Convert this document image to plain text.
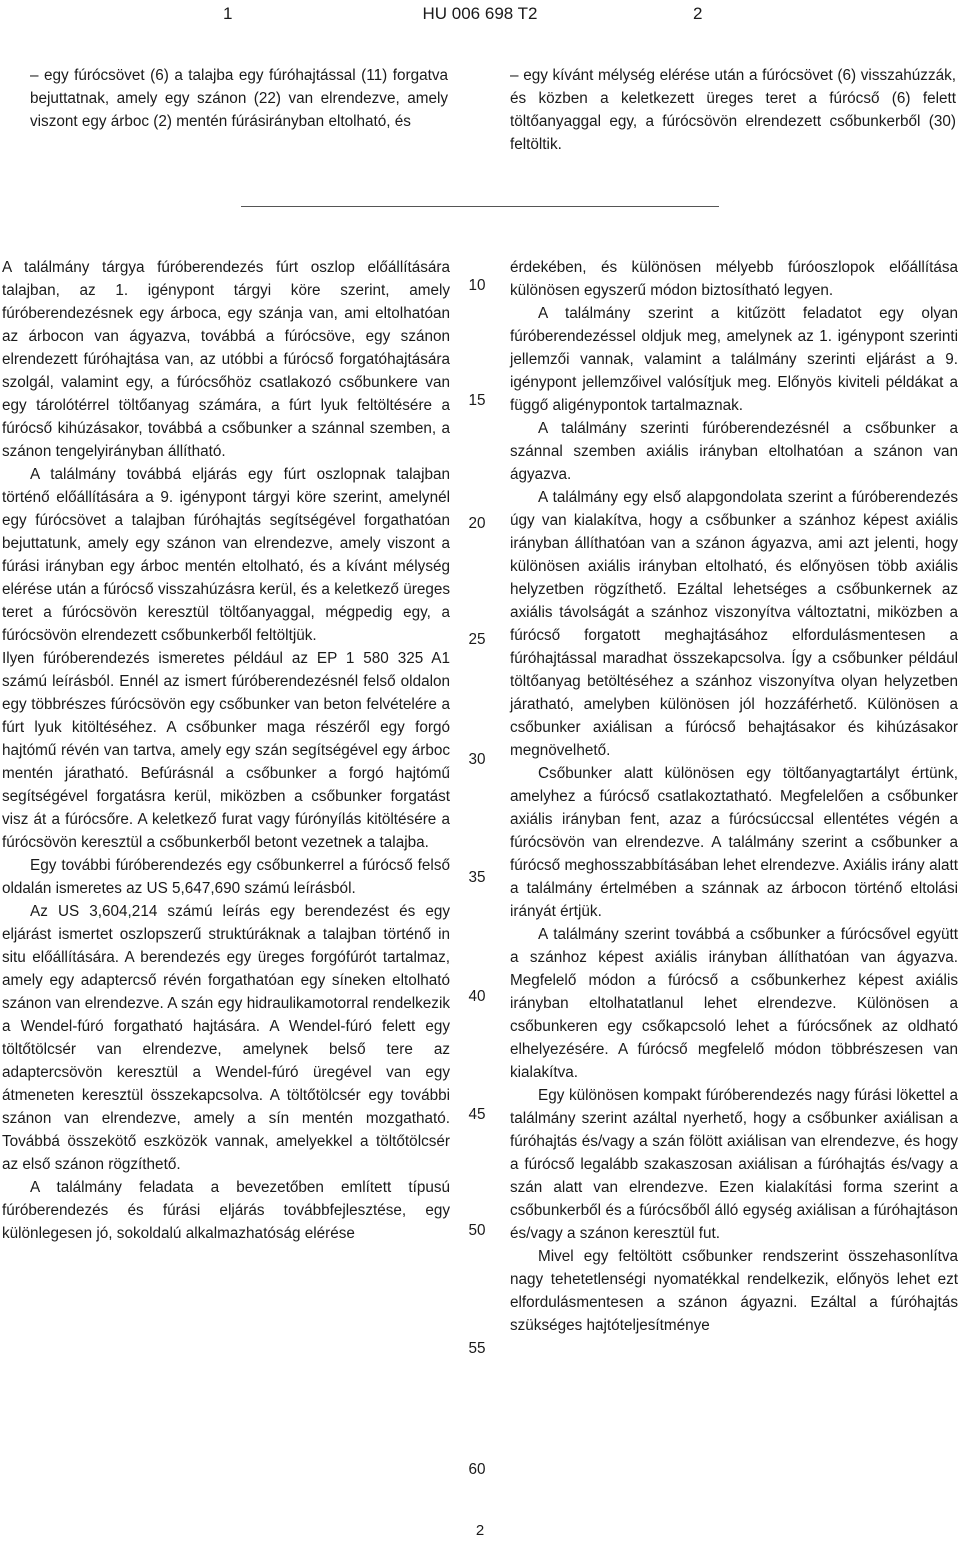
1	HU 006 698 T2	2

– egy fúrócsövet (6) a talajba egy fúróhajtással (11) forgatva bejuttatnak, amely egy szánon (22) van elrendezve, amely viszont egy árboc (2) mentén fúrásirányban eltolható, és

– egy kívánt mélység elérése után a fúrócsövet (6) visszahúzzák, és közben a keletkezett üreges teret a fúrócső (6) felett töltőanyaggal egy, a fúrócsövön elrendezett csőbunkerből (30) feltöltik.

A találmány tárgya fúróberendezés fúrt oszlop előállítására talajban, az 1. igénypont tárgyi köre szerint, amely fúróberendezésnek egy árboca, egy szánja van, ami eltolhatóan az árbocon van ágyazva, továbbá a fúrócsöve, egy szánon elrendezett fúróhajtása van, az utóbbi a fúrócső forgatóhajtására szolgál, valamint egy, a fúrócsőhöz csatlakozó csőbunkere van egy tárolótérrel töltőanyag számára, a fúrt lyuk feltöltésére a fúrócső kihúzásakor, továbbá a csőbunker a szánnal szemben, a szánon tengelyirányban állítható.

A találmány továbbá eljárás egy fúrt oszlopnak talajban történő előállítására a 9. igénypont tárgyi köre szerint, amelynél egy fúrócsövet a talajban fúróhajtás segítségével forgathatóan bejuttatunk, amely egy szánon van elrendezve, amely viszont a fúrási irányban egy árboc mentén eltolható, és a kívánt mélység elérése után a fúrócső visszahúzásra kerül, és a keletkező üreges teret a fúrócsövön keresztül töltőanyaggal, mégpedig egy, a fúrócsövön elrendezett csőbunkerből feltöltjük.

Ilyen fúróberendezés ismeretes például az EP 1 580 325 A1 számú leírásból. Ennél az ismert fúróberendezésnél felső oldalon egy többrészes fúrócsövön egy csőbunker van beton felvételére a fúrt lyuk kitöltéséhez. A csőbunker maga részéről egy forgó hajtómű révén van tartva, amely egy szán segítségével egy árboc mentén járatható. Befúrásnál a csőbunker a forgó hajtómű segítségével forgatásra kerül, miközben a csőbunker forgatást visz át a fúrócsőre. A keletkező furat vagy fúrónyílás kitöltésére a fúrócsövön keresztül a csőbunkerből betont vezetnek a talajba.

Egy további fúróberendezés egy csőbunkerrel a fúrócső felső oldalán ismeretes az US 5,647,690 számú leírásból.

Az US 3,604,214 számú leírás egy berendezést és egy eljárást ismertet oszlopszerű struktúráknak a talajban történő in situ előállítására. A berendezés egy üreges forgófúrót tartalmaz, amely egy adaptercső révén forgathatóan egy síneken eltolható szánon van elrendezve. A szán egy hidraulikamotorral rendelkezik a Wendel-fúró forgatható hajtására. A Wendel-fúró felett egy töltőtölcsér van elrendezve, amelynek belső tere az adaptercsövön keresztül a Wendel-fúró üregével van egy átmeneten keresztül összekapcsolva. A töltőtölcsér egy további szánon van elrendezve, amely a sín mentén mozgatható. Továbbá összekötő eszközök vannak, amelyekkel a töltőtölcsér az első szánon rögzíthető.

A találmány feladata a bevezetőben említett típusú fúróberendezés és fúrási eljárás továbbfejlesztése, egy különlegesen jó, sokoldalú alkalmazhatóság elérése

10
15
20
25
30
35
40
45
50
55
60

érdekében, és különösen mélyebb fúróoszlopok előállítása különösen egyszerű módon biztosítható legyen.

A találmány szerint a kitűzött feladatot egy olyan fúróberendezéssel oldjuk meg, amelynek az 1. igénypont szerinti jellemzői vannak, valamint a találmány szerinti eljárást a 9. igénypont jellemzőivel valósítjuk meg. Előnyös kiviteli példákat a függő aligénypontok tartalmaznak.

A találmány szerinti fúróberendezésnél a csőbunker a szánnal szemben axiális irányban eltolhatóan a szánon van ágyazva.

A találmány egy első alapgondolata szerint a fúróberendezés úgy van kialakítva, hogy a csőbunker a szánhoz képest axiális irányban állíthatóan van a szánon ágyazva, ami azt jelenti, hogy különösen axiális irányban eltolható, és előnyösen több axiális helyzetben rögzíthető. Ezáltal lehetséges a csőbunkernek az axiális távolságát a szánhoz viszonyítva változtatni, miközben a fúrócső forgatott meghajtásához elfordulásmentesen a fúróhajtással maradhat összekapcsolva. Így a csőbunker például töltőanyag betöltéséhez a szánhoz viszonyítva olyan helyzetben járatható, amelyben különösen jól hozzáférhető. Különösen a csőbunker axiálisan a fúrócső behajtásakor és kihúzásakor megnövelhető.

Csőbunker alatt különösen egy töltőanyagtartályt értünk, amelyhez a fúrócső csatlakoztatható. Megfelelően a csőbunker axiális irányban fent, azaz a fúrócsúccsal ellentétes végén a fúrócsövön van elrendezve. A találmány szerint a csőbunker a fúrócső meghosszabbításában lehet elrendezve. Axiális irány alatt a találmány értelmében a szánnak az árbocon történő eltolási irányát értjük.

A találmány szerint továbbá a csőbunker a fúrócsővel együtt a szánhoz képest axiális irányban állíthatóan van ágyazva. Megfelelő módon a fúrócső a csőbunkerhez képest axiális irányban eltolhatatlanul lehet elrendezve. Különösen a csőbunkeren egy csőkapcsoló lehet a fúrócsőnek az oldható elhelyezésére. A fúrócső megfelelő módon többrészesen van kialakítva.

Egy különösen kompakt fúróberendezés nagy fúrási lökettel a találmány szerint azáltal nyerhető, hogy a csőbunker axiálisan a fúróhajtás és/vagy a szán fölött axiálisan van elrendezve, és hogy a fúrócső legalább szakaszosan axiálisan a fúróhajtás és/vagy a szán alatt van elrendezve. Ezen kialakítási forma szerint a csőbunkerből és a fúrócsőből álló egység axiálisan a fúróhajtáson és/vagy a szánon keresztül fut.

Mivel egy feltöltött csőbunker rendszerint összehasonlítva nagy tehetetlenségi nyomatékkal rendelkezik, előnyös lehet ezt elfordulásmentesen a szánon ágyazni. Ezáltal a fúróhajtás szükséges hajtóteljesítménye

2
